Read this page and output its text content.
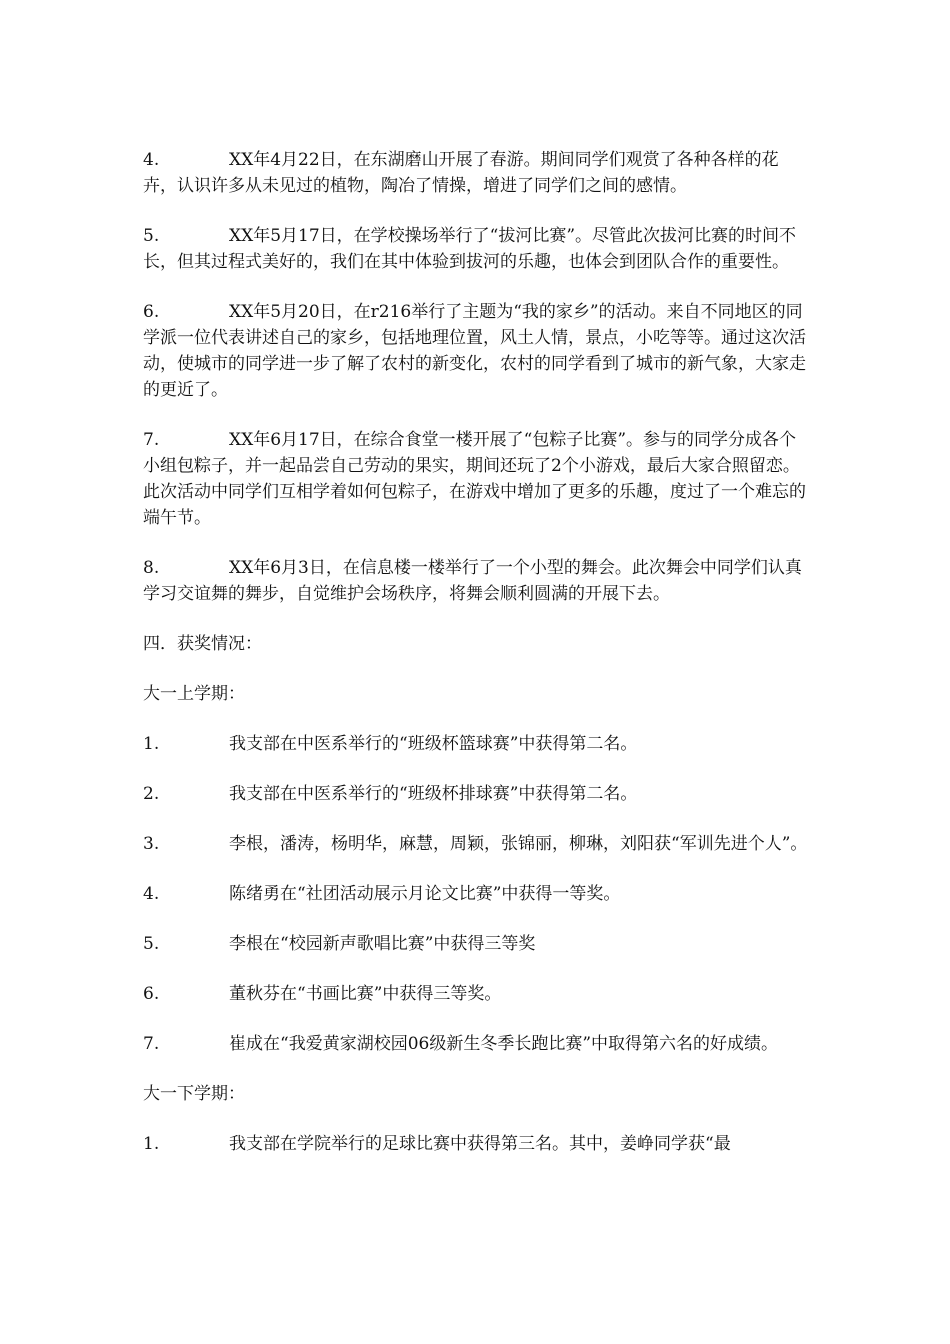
4.	XX年4月22日，在东湖磨山开展了春游。期间同学们观赏了各种各样的花卉，认识许多从未见过的植物，陶冶了情操，增进了同学们之间的感情。

5.	XX年5月17日，在学校操场举行了“拔河比赛”。尽管此次拔河比赛的时间不长，但其过程式美好的，我们在其中体验到拔河的乐趣，也体会到团队合作的重要性。

6.	XX年5月20日，在r216举行了主题为“我的家乡”的活动。来自不同地区的同学派一位代表讲述自己的家乡，包括地理位置，风土人情，景点，小吃等等。通过这次活动，使城市的同学进一步了解了农村的新变化，农村的同学看到了城市的新气象，大家走的更近了。

7.	XX年6月17日，在综合食堂一楼开展了“包粽子比赛”。参与的同学分成各个小组包粽子，并一起品尝自己劳动的果实，期间还玩了2个小游戏，最后大家合照留恋。此次活动中同学们互相学着如何包粽子，在游戏中增加了更多的乐趣，度过了一个难忘的端午节。

8.	XX年6月3日，在信息楼一楼举行了一个小型的舞会。此次舞会中同学们认真学习交谊舞的舞步，自觉维护会场秩序，将舞会顺利圆满的开展下去。

四．获奖情况：

大一上学期：

1.	我支部在中医系举行的“班级杯篮球赛”中获得第二名。

2.	我支部在中医系举行的“班级杯排球赛”中获得第二名。

3.	李根，潘涛，杨明华，麻慧，周颖，张锦丽，柳琳，刘阳获“军训先进个人”。

4.	陈绪勇在“社团活动展示月论文比赛”中获得一等奖。

5.	李根在“校园新声歌唱比赛”中获得三等奖

6.	董秋芬在“书画比赛”中获得三等奖。

7.	崔成在“我爱黄家湖校园06级新生冬季长跑比赛”中取得第六名的好成绩。

大一下学期：

1.	我支部在学院举行的足球比赛中获得第三名。其中，姜峥同学获“最
